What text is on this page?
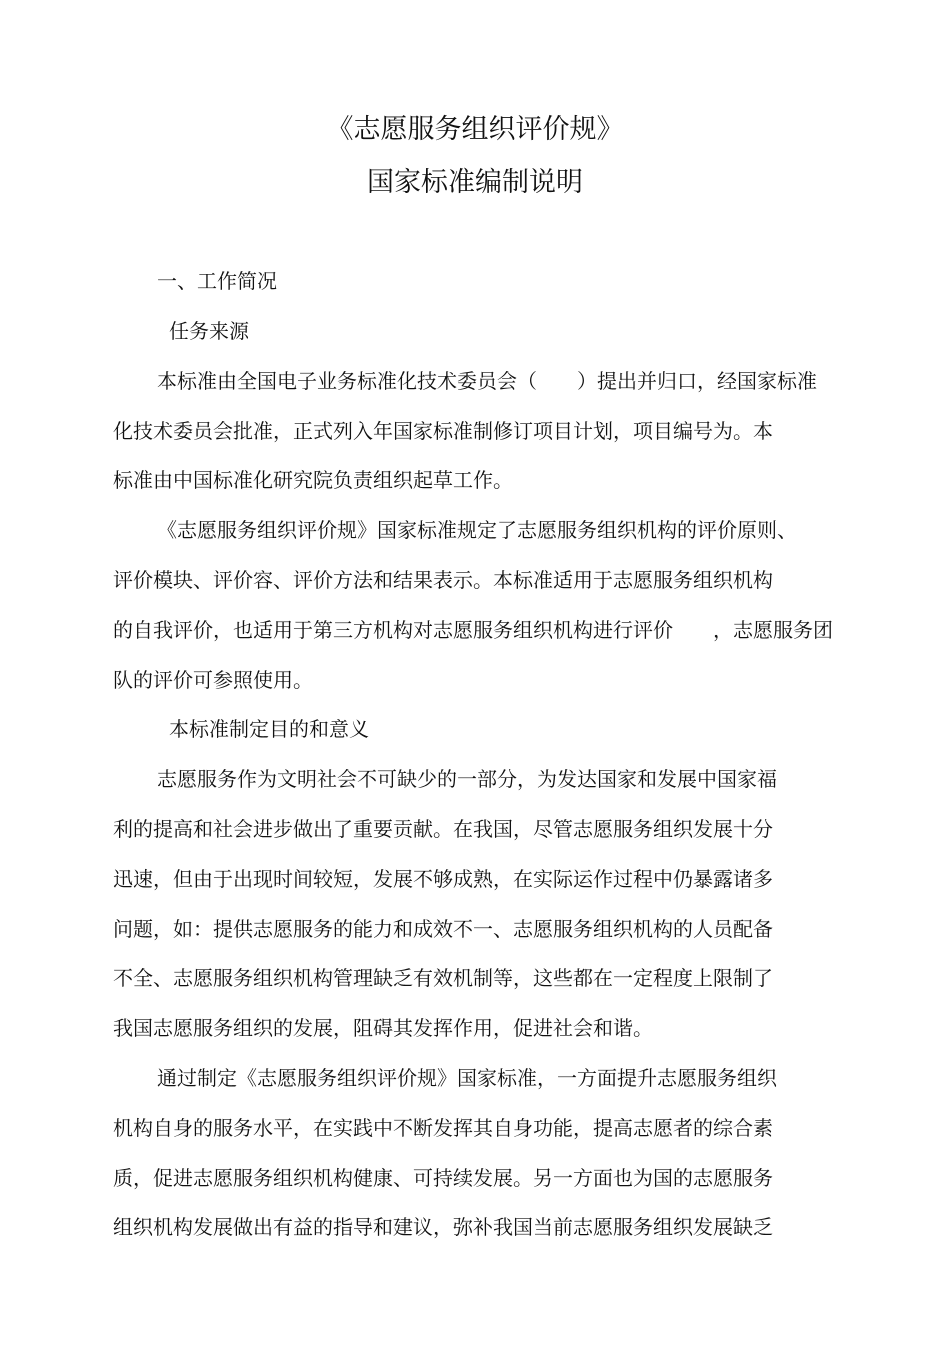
《志愿服务组织评价规》
国家标准编制说明
一、工作简况
任务来源
本标准由全国电子业务标准化技术委员会（　　）提出并归口，经国家标准
化技术委员会批准，正式列入年国家标准制修订项目计划，项目编号为。本
标准由中国标准化研究院负责组织起草工作。
《志愿服务组织评价规》国家标准规定了志愿服务组织机构的评价原则、
评价模块、评价容、评价方法和结果表示。本标准适用于志愿服务组织机构
的自我评价，也适用于第三方机构对志愿服务组织机构进行评价　　，志愿服务团
队的评价可参照使用。
本标准制定目的和意义
志愿服务作为文明社会不可缺少的一部分，为发达国家和发展中国家福
利的提高和社会进步做出了重要贡献。在我国，尽管志愿服务组织发展十分
迅速，但由于出现时间较短，发展不够成熟，在实际运作过程中仍暴露诸多
问题，如：提供志愿服务的能力和成效不一、志愿服务组织机构的人员配备
不全、志愿服务组织机构管理缺乏有效机制等，这些都在一定程度上限制了
我国志愿服务组织的发展，阻碍其发挥作用，促进社会和谐。
通过制定《志愿服务组织评价规》国家标准，一方面提升志愿服务组织
机构自身的服务水平，在实践中不断发挥其自身功能，提高志愿者的综合素
质，促进志愿服务组织机构健康、可持续发展。另一方面也为国的志愿服务
组织机构发展做出有益的指导和建议，弥补我国当前志愿服务组织发展缺乏
